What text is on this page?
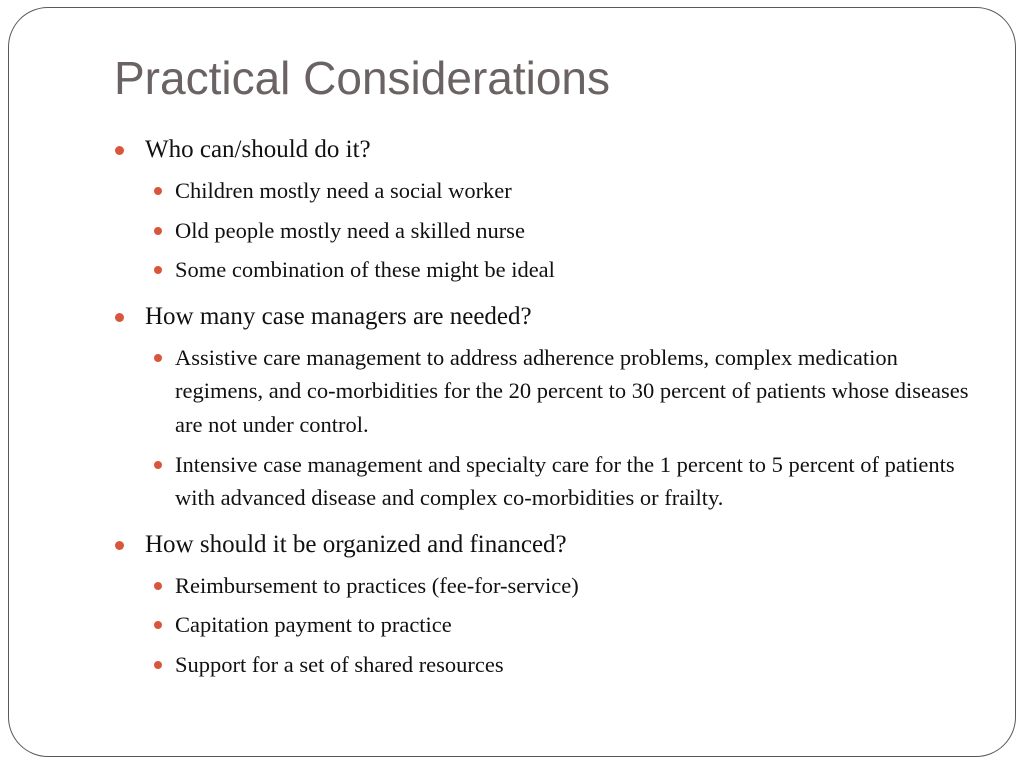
Practical Considerations

Who can/should do it?

Children mostly need a social worker

Old people mostly need a skilled nurse

Some combination of these might be ideal

How many case managers are needed?

Assistive care management to address adherence problems, complex medication regimens, and co-morbidities for the 20 percent to 30 percent of patients whose diseases are not under control.

Intensive case management and specialty care for the 1 percent to 5 percent of patients with advanced disease and complex co-morbidities or frailty.

How should it be organized and financed?

Reimbursement to practices (fee-for-service)

Capitation payment to practice

Support for a set of shared resources
